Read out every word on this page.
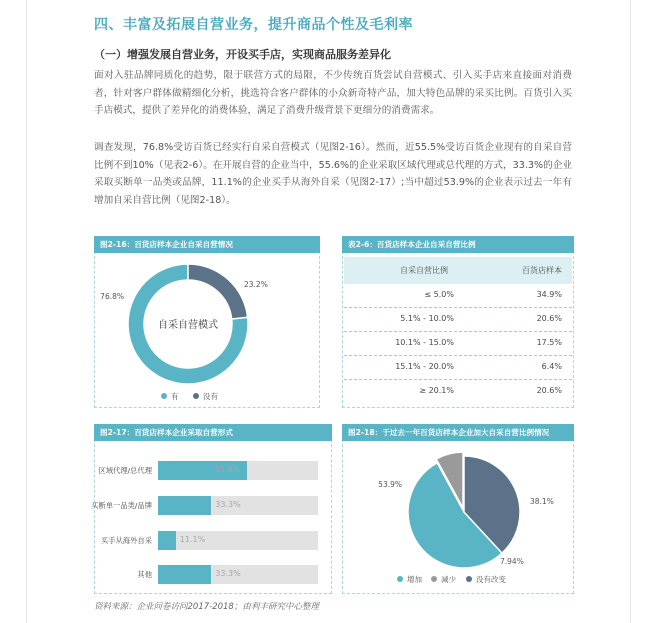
四、丰富及拓展自营业务，提升商品个性及毛利率
（一）增强发展自营业务，开设买手店，实现商品服务差异化
面对入驻品牌同质化的趋势，限于联营方式的局限，不少传统百货尝试自营模式、引入买手店来直接面对消费者，针对客户群体做精细化分析，挑选符合客户群体的小众新奇特产品，加大特色品牌的采买比例。百货引入买手店模式，提供了差异化的消费体验，满足了消费升级背景下更细分的消费需求。
调查发现，76.8%受访百货已经实行自采自营模式（见图2-16）。然而，近55.5%受访百货企业现有的自采自营比例不到10%（见表2-6）。在开展自营的企业当中，55.6%的企业采取区域代理或总代理的方式，33.3%的企业采取买断单一品类或品牌，11.1%的企业买手从海外自采（见图2-17）;当中超过53.9%的企业表示过去一年有增加自采自营比例（见图2-18）。
图2-16：百货店样本企业自采自营情况
自采自营模式
76.8%
23.2%
有	没有
表2-6：百货店样本企业自采自营比例
自采自营比例	百货店样本
≤ 5.0%	34.9%
5.1% - 10.0%	20.6%
10.1% - 15.0%	17.5%
15.1% - 20.0%	6.4%
≥ 20.1%	20.6%
图2-17：百货店样本企业采取自营形式
区域代理/总代理	55.6%
买断单一品类/品牌	33.3%
买手从海外自采	11.1%
其他	33.3%
图2-18：于过去一年百货店样本企业加大自采自营比例情况
53.9%
7.94%
38.1%
增加	减少	没有改变
资料来源：企业问卷访问2017-2018；由利丰研究中心整理
